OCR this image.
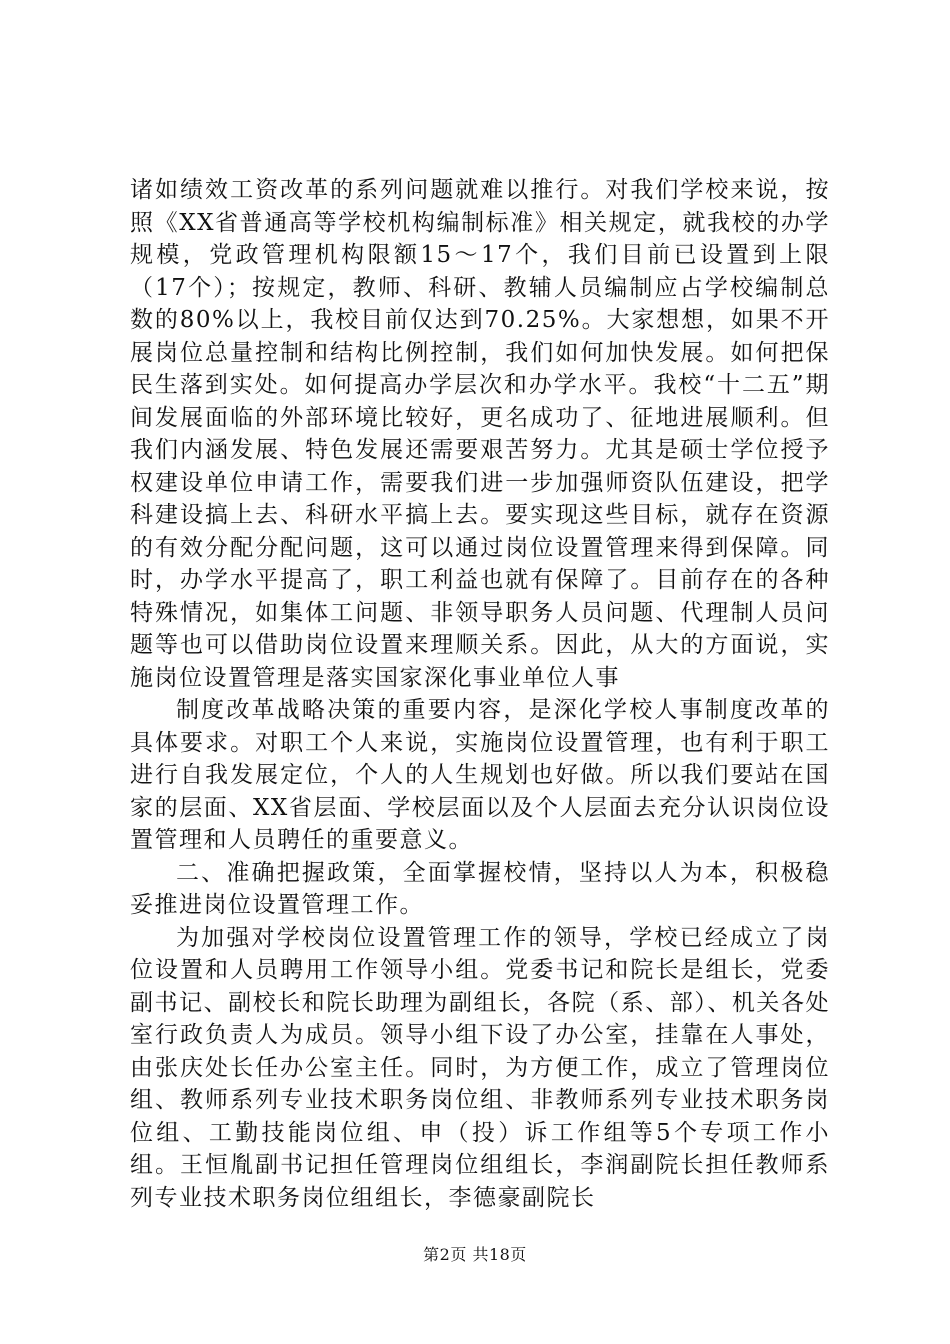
诸如绩效工资改革的系列问题就难以推行。对我们学校来说，按照《XX省普通高等学校机构编制标准》相关规定，就我校的办学规模，党政管理机构限额15～17个，我们目前已设置到上限（17个）；按规定，教师、科研、教辅人员编制应占学校编制总数的80%以上，我校目前仅达到70.25%。大家想想，如果不开展岗位总量控制和结构比例控制，我们如何加快发展。如何把保民生落到实处。如何提高办学层次和办学水平。我校“十二五”期间发展面临的外部环境比较好，更名成功了、征地进展顺利。但我们内涵发展、特色发展还需要艰苦努力。尤其是硕士学位授予权建设单位申请工作，需要我们进一步加强师资队伍建设，把学科建设搞上去、科研水平搞上去。要实现这些目标，就存在资源的有效分配分配问题，这可以通过岗位设置管理来得到保障。同时，办学水平提高了，职工利益也就有保障了。目前存在的各种特殊情况，如集体工问题、非领导职务人员问题、代理制人员问题等也可以借助岗位设置来理顺关系。因此，从大的方面说，实施岗位设置管理是落实国家深化事业单位人事

制度改革战略决策的重要内容，是深化学校人事制度改革的具体要求。对职工个人来说，实施岗位设置管理，也有利于职工进行自我发展定位，个人的人生规划也好做。所以我们要站在国家的层面、XX省层面、学校层面以及个人层面去充分认识岗位设置管理和人员聘任的重要意义。

二、准确把握政策，全面掌握校情，坚持以人为本，积极稳妥推进岗位设置管理工作。

为加强对学校岗位设置管理工作的领导，学校已经成立了岗位设置和人员聘用工作领导小组。党委书记和院长是组长，党委副书记、副校长和院长助理为副组长，各院（系、部）、机关各处室行政负责人为成员。领导小组下设了办公室，挂靠在人事处，由张庆处长任办公室主任。同时，为方便工作，成立了管理岗位组、教师系列专业技术职务岗位组、非教师系列专业技术职务岗位组、工勤技能岗位组、申（投）诉工作组等5个专项工作小组。王恒胤副书记担任管理岗位组组长，李润副院长担任教师系列专业技术职务岗位组组长，李德豪副院长

第2页 共18页
